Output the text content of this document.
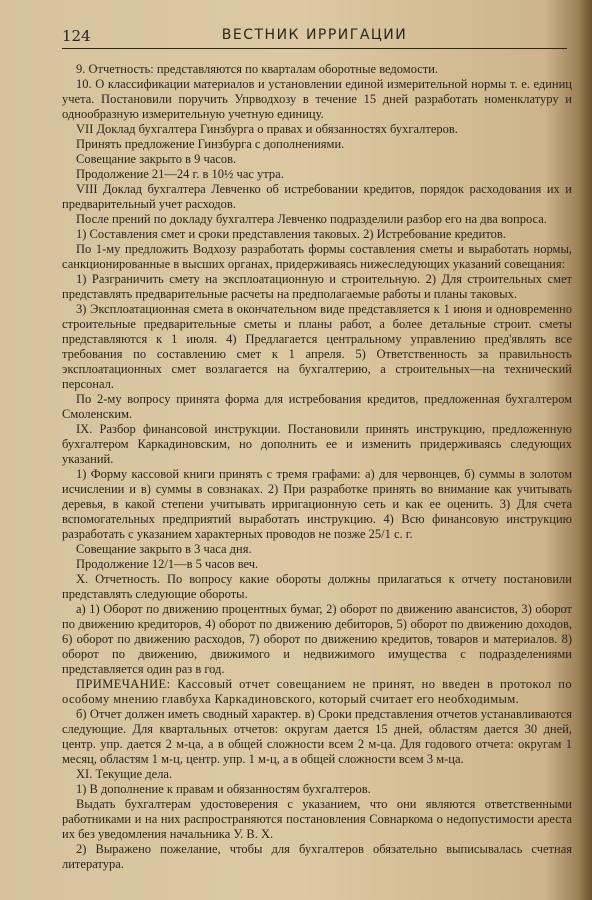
124	ВЕСТНИК ИРРИГАЦИИ

9. Отчетность: представляются по кварталам оборотные ведомости.

10. О классификации материалов и установлении единой измерительной нормы т. е. единиц учета. Постановили поручить Упрводхозу в течение 15 дней разработать номенклатуру и однообразную измерительную учетную единицу.

VII Доклад бухгалтера Гинзбурга о правах и обязанностях бухгалтеров.

Принять предложение Гинзбурга с дополнениями.

Совещание закрыто в 9 часов.

Продолжение 21—24 г. в 10½ час утра.

VIII Доклад бухгалтера Левченко об истребовании кредитов, порядок расходования их и предварительный учет расходов.

После прений по докладу бухгалтера Левченко подразделили разбор его на два вопроса.

1) Составления смет и сроки представления таковых. 2) Истребование кредитов.

По 1-му предложить Водхозу разработать формы составления сметы и выработать нормы, санкционированные в высших органах, придерживаясь нижеследующих указаний совещания:

1) Разграничить смету на эксплоатационную и строительную. 2) Для строительных смет представлять предварительные расчеты на предполагаемые работы и планы таковых.

3) Эксплоатационная смета в окончательном виде представляется к 1 июня и одновременно строительные предварительные сметы и планы работ, а более детальные строит. сметы представляются к 1 июля. 4) Предлагается центральному управлению пред'являть все требования по составлению смет к 1 апреля. 5) Ответственность за правильность эксплоатационных смет возлагается на бухгалтерию, а строительных—на технический персонал.

По 2-му вопросу принята форма для истребования кредитов, предложенная бухгалтером Смоленским.

IX. Разбор финансовой инструкции. Постановили принять инструкцию, предложенную бухгалтером Каркадиновским, но дополнить ее и изменить придерживаясь следующих указаний.

1) Форму кассовой книги принять с тремя графами: а) для червонцев, б) суммы в золотом исчислении и в) суммы в совзнаках. 2) При разработке принять во внимание как учитывать деревья, в какой степени учитывать ирригационную сеть и как ее оценить. 3) Для счета вспомогательных предприятий выработать инструкцию. 4) Всю финансовую инструкцию разработать с указанием характерных проводов не позже 25/1 с. г.

Совещание закрыто в 3 часа дня.

Продолжение 12/1—в 5 часов веч.

X. Отчетность. По вопросу какие обороты должны прилагаться к отчету постановили представлять следующие обороты.

а) 1) Оборот по движению процентных бумаг, 2) оборот по движению авансистов, 3) оборот по движению кредиторов, 4) оборот по движению дебиторов, 5) оборот по движению доходов, 6) оборот по движению расходов, 7) оборот по движению кредитов, товаров и материалов. 8) оборот по движению, движимого и недвижимого имущества с подразделениями представляется один раз в год.

ПРИМЕЧАНИЕ: Кассовый отчет совещанием не принят, но введен в протокол по особому мнению главбуха Каркадиновского, который считает его необходимым.

б) Отчет должен иметь сводный характер. в) Сроки представления отчетов устанавливаются следующие. Для квартальных отчетов: округам дается 15 дней, областям дается 30 дней, центр. упр. дается 2 м-ца, а в общей сложности всем 2 м-ца. Для годового отчета: округам 1 месяц, областям 1 м-ц, центр. упр. 1 м-ц, а в общей сложности всем 3 м-ца.

XI. Текущие дела.

1) В дополнение к правам и обязанностям бухгалтеров.

Выдать бухгалтерам удостоверения с указанием, что они являются ответственными работниками и на них распространяются постановления Совнаркома о недопустимости ареста их без уведомления начальника У. В. Х.

2) Выражено пожелание, чтобы для бухгалтеров обязательно выписывалась счетная литература.
